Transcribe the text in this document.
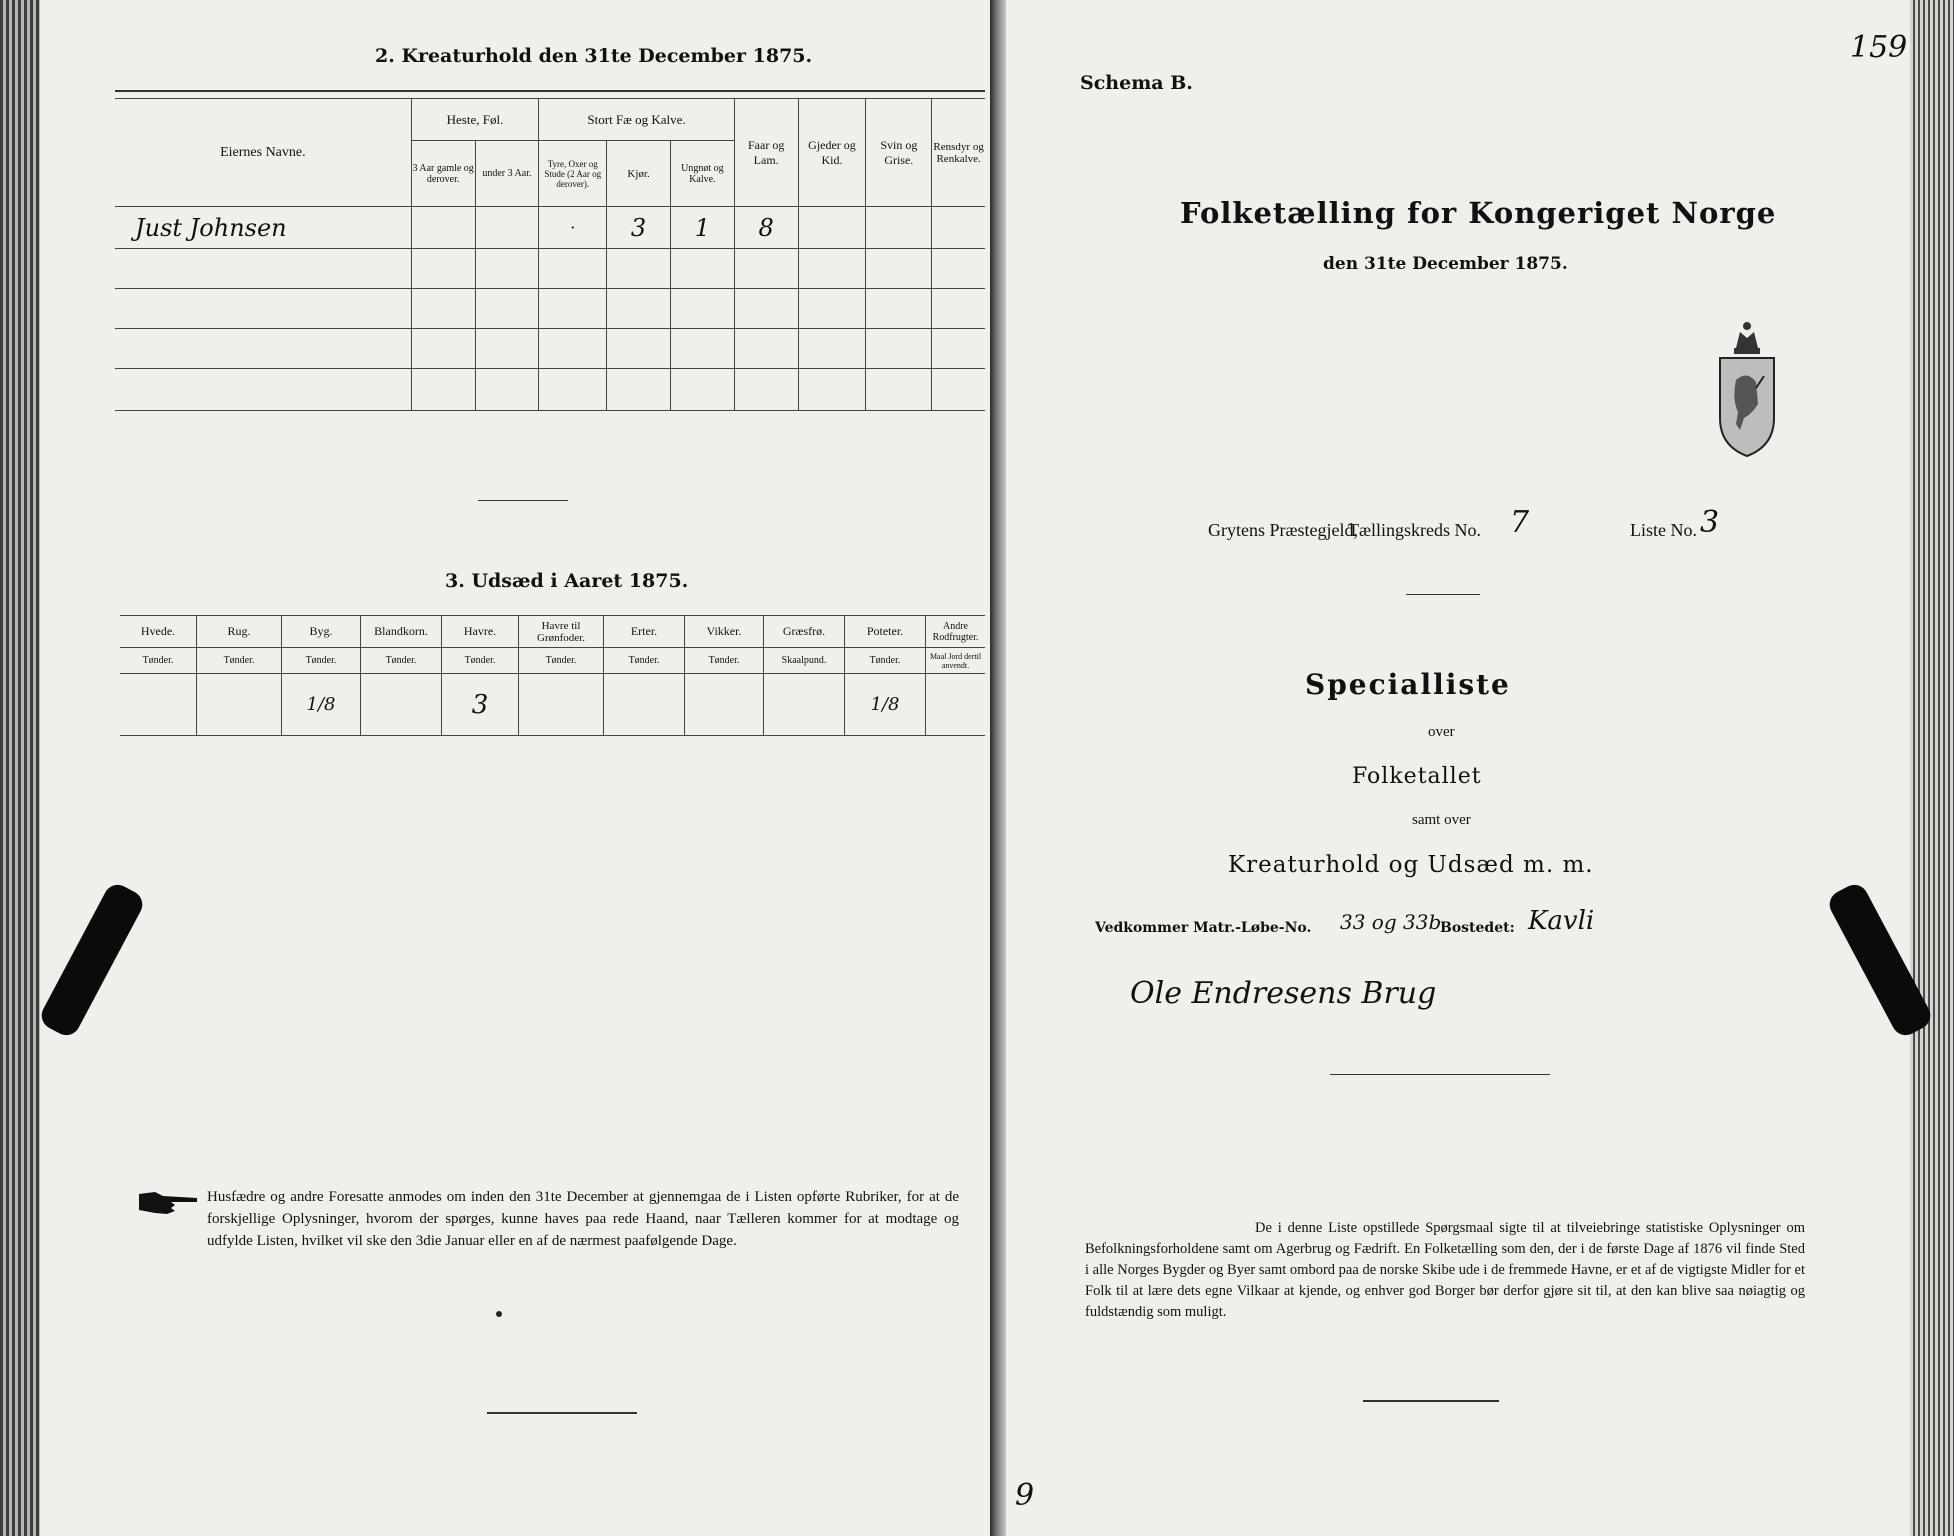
2. Kreaturhold den 31te December 1875.
Eiernes Navne.	Heste, Føl.		Stort Fæ og Kalve.			Faar og Lam.	Gjeder og Kid.	Svin og Grise.	Rensdyr og Renkalve.
	3 Aar gamle og derover.	under 3 Aar.	Tyre, Oxer og Stude (2 Aar og derover).	Kjør.	Ungnøt og Kalve.				
Just Johnsen			·	3	1	8			

3. Udsæd i Aaret 1875.
Hvede.	Rug.	Byg.	Blandkorn.	Havre.	Havre til Grønfoder.	Erter.	Vikker.	Græsfrø.	Poteter.	Andre Rodfrugter.
Tønder.	Tønder.	Tønder.	Tønder.	Tønder.	Tønder.	Tønder.	Tønder.	Skaalpund.	Tønder.	Maal Jord dertil anvendt.
		1/8		3					1/8	
Husfædre og andre Foresatte anmodes om inden den 31te December at gjennemgaa de i Listen opførte Rubriker, for at de forskjellige Oplysninger, hvorom der spørges, kunne haves paa rede Haand, naar Tælleren kommer for at modtage og udfylde Listen, hvilket vil ske den 3die Januar eller en af de nærmest paafølgende Dage.
159
Schema B.
Folketælling for Kongeriget Norge
den 31te December 1875.
Grytens Præstegjeld,
Tællingskreds No. 7	Liste No. 3
Specialliste
over
Folketallet
samt over
Kreaturhold og Udsæd m. m.
Vedkommer Matr.-Løbe-No. 33 og 33b
Bostedet: Kavli
Ole Endresens Brug
De i denne Liste opstillede Spørgsmaal sigte til at tilveiebringe statistiske Oplysninger om Befolkningsforholdene samt om Agerbrug og Fædrift. En Folketælling som den, der i de første Dage af 1876 vil finde Sted i alle Norges Bygder og Byer samt ombord paa de norske Skibe ude i de fremmede Havne, er et af de vigtigste Midler for et Folk til at lære dets egne Vilkaar at kjende, og enhver god Borger bør derfor gjøre sit til, at den kan blive saa nøiagtig og fuldstændig som muligt.
9
